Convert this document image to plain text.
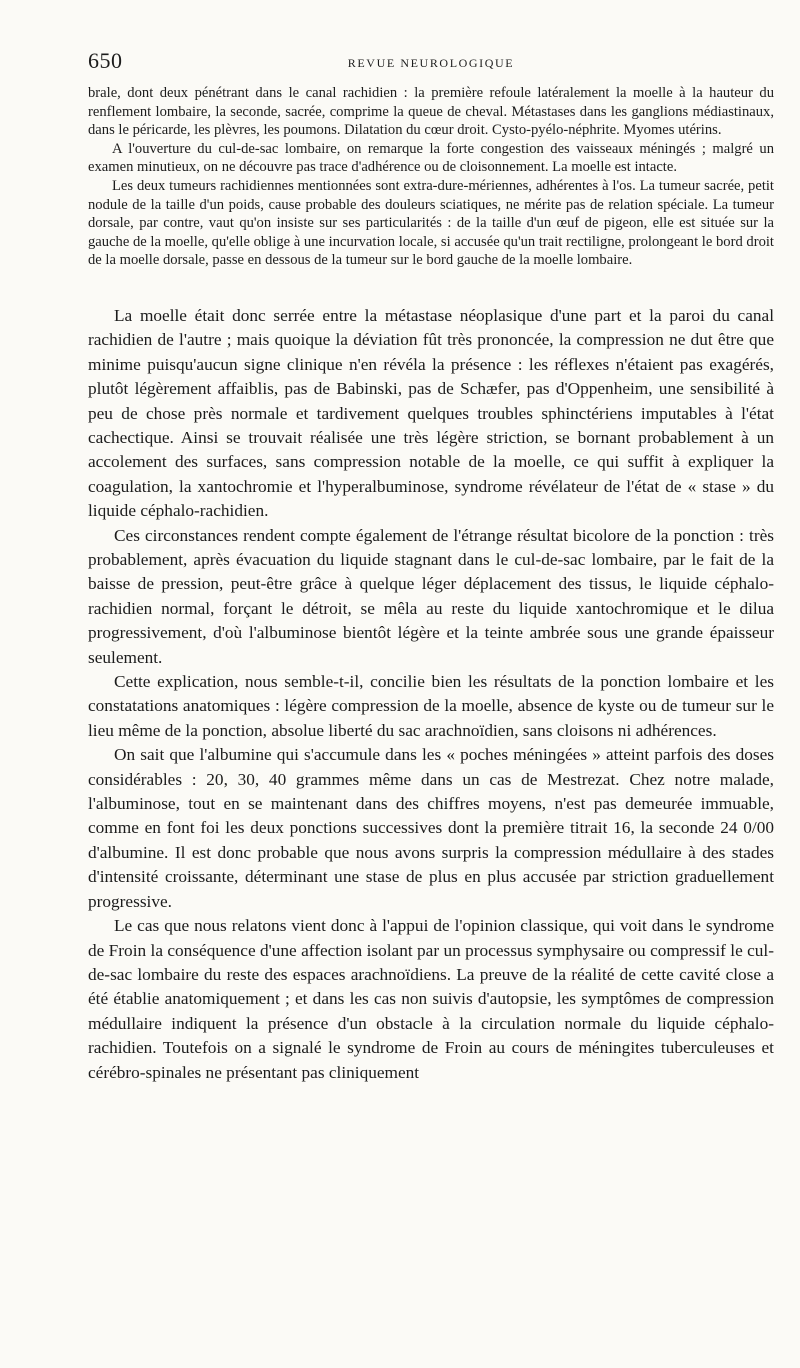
650	REVUE NEUROLOGIQUE

brale, dont deux pénétrant dans le canal rachidien : la première refoule latéralement la moelle à la hauteur du renflement lombaire, la seconde, sacrée, comprime la queue de cheval. Métastases dans les ganglions médiastinaux, dans le péricarde, les plèvres, les poumons. Dilatation du cœur droit. Cysto-pyélo-néphrite. Myomes utérins.

A l'ouverture du cul-de-sac lombaire, on remarque la forte congestion des vaisseaux méningés ; malgré un examen minutieux, on ne découvre pas trace d'adhérence ou de cloisonnement. La moelle est intacte.

Les deux tumeurs rachidiennes mentionnées sont extra-dure-mériennes, adhérentes à l'os. La tumeur sacrée, petit nodule de la taille d'un poids, cause probable des douleurs sciatiques, ne mérite pas de relation spéciale. La tumeur dorsale, par contre, vaut qu'on insiste sur ses particularités : de la taille d'un œuf de pigeon, elle est située sur la gauche de la moelle, qu'elle oblige à une incurvation locale, si accusée qu'un trait rectiligne, prolongeant le bord droit de la moelle dorsale, passe en dessous de la tumeur sur le bord gauche de la moelle lombaire.

La moelle était donc serrée entre la métastase néoplasique d'une part et la paroi du canal rachidien de l'autre ; mais quoique la déviation fût très prononcée, la compression ne dut être que minime puisqu'aucun signe clinique n'en révéla la présence : les réflexes n'étaient pas exagérés, plutôt légèrement affaiblis, pas de Babinski, pas de Schæfer, pas d'Oppenheim, une sensibilité à peu de chose près normale et tardivement quelques troubles sphinctériens imputables à l'état cachectique. Ainsi se trouvait réalisée une très légère striction, se bornant probablement à un accolement des surfaces, sans compression notable de la moelle, ce qui suffit à expliquer la coagulation, la xantochromie et l'hyperalbuminose, syndrome révélateur de l'état de « stase » du liquide céphalo-rachidien.

Ces circonstances rendent compte également de l'étrange résultat bicolore de la ponction : très probablement, après évacuation du liquide stagnant dans le cul-de-sac lombaire, par le fait de la baisse de pression, peut-être grâce à quelque léger déplacement des tissus, le liquide céphalo-rachidien normal, forçant le détroit, se mêla au reste du liquide xantochromique et le dilua progressivement, d'où l'albuminose bientôt légère et la teinte ambrée sous une grande épaisseur seulement.

Cette explication, nous semble-t-il, concilie bien les résultats de la ponction lombaire et les constatations anatomiques : légère compression de la moelle, absence de kyste ou de tumeur sur le lieu même de la ponction, absolue liberté du sac arachnoïdien, sans cloisons ni adhérences.

On sait que l'albumine qui s'accumule dans les « poches méningées » atteint parfois des doses considérables : 20, 30, 40 grammes même dans un cas de Mestrezat. Chez notre malade, l'albuminose, tout en se maintenant dans des chiffres moyens, n'est pas demeurée immuable, comme en font foi les deux ponctions successives dont la première titrait 16, la seconde 24 0/00 d'albumine. Il est donc probable que nous avons surpris la compression médullaire à des stades d'intensité croissante, déterminant une stase de plus en plus accusée par striction graduellement progressive.

Le cas que nous relatons vient donc à l'appui de l'opinion classique, qui voit dans le syndrome de Froin la conséquence d'une affection isolant par un processus symphysaire ou compressif le cul-de-sac lombaire du reste des espaces arachnoïdiens. La preuve de la réalité de cette cavité close a été établie anatomiquement ; et dans les cas non suivis d'autopsie, les symptômes de compression médullaire indiquent la présence d'un obstacle à la circulation normale du liquide céphalo-rachidien. Toutefois on a signalé le syndrome de Froin au cours de méningites tuberculeuses et cérébro-spinales ne présentant pas cliniquement
